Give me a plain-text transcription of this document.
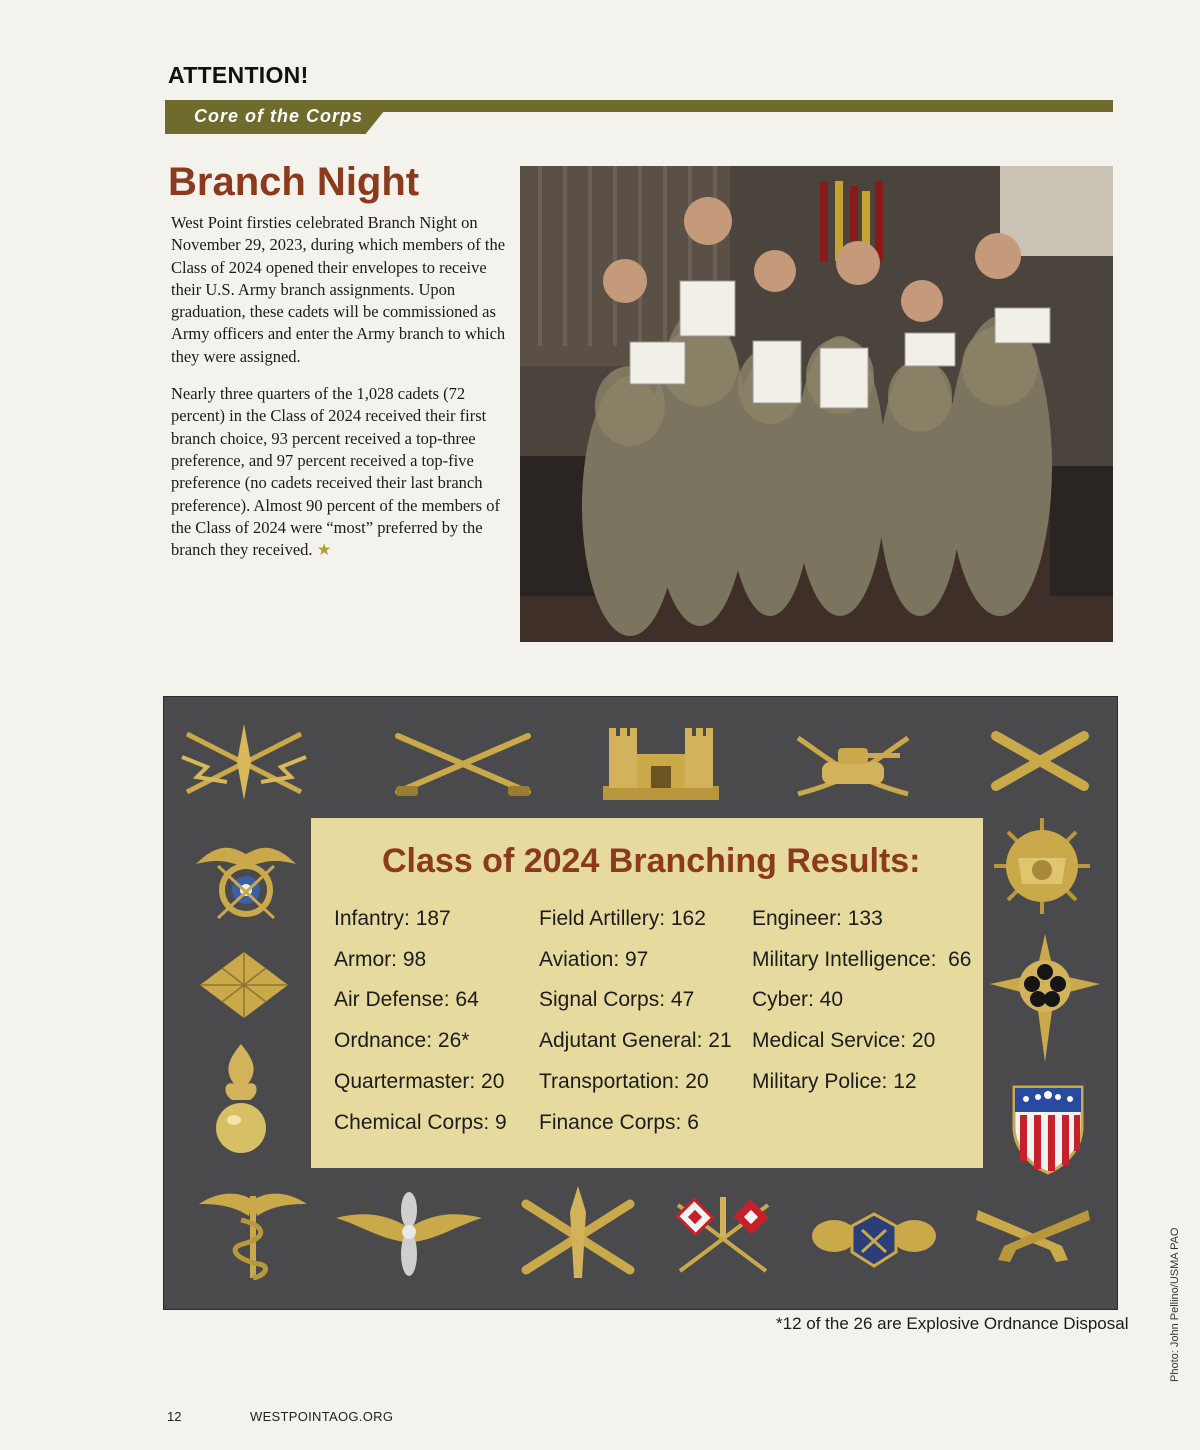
ATTENTION!
Core of the Corps
Branch Night

West Point firsties celebrated Branch Night on November 29, 2023, during which members of the Class of 2024 opened their envelopes to receive their U.S. Army branch assignments. Upon graduation, these cadets will be commissioned as Army officers and enter the Army branch to which they were assigned.

Nearly three quarters of the 1,028 cadets (72 percent) in the Class of 2024 received their first branch choice, 93 percent received a top-three preference, and 97 percent received a top-five preference (no cadets received their last branch preference). Almost 90 percent of the members of the Class of 2024 were “most” preferred by the branch they received. ★

Photo: John Pellino/USMA PAO
Class of 2024 Branching Results:
Infantry: 187
Armor: 98
Air Defense: 64
Ordnance: 26*
Quartermaster: 20
Chemical Corps: 9
Field Artillery: 162
Aviation: 97
Signal Corps: 47
Adjutant General: 21
Transportation: 20
Finance Corps: 6
Engineer: 133
Military Intelligence:  66
Cyber: 40
Medical Service: 20
Military Police: 12
*12 of the 26 are Explosive Ordnance Disposal
12	WESTPOINTAOG.ORG
